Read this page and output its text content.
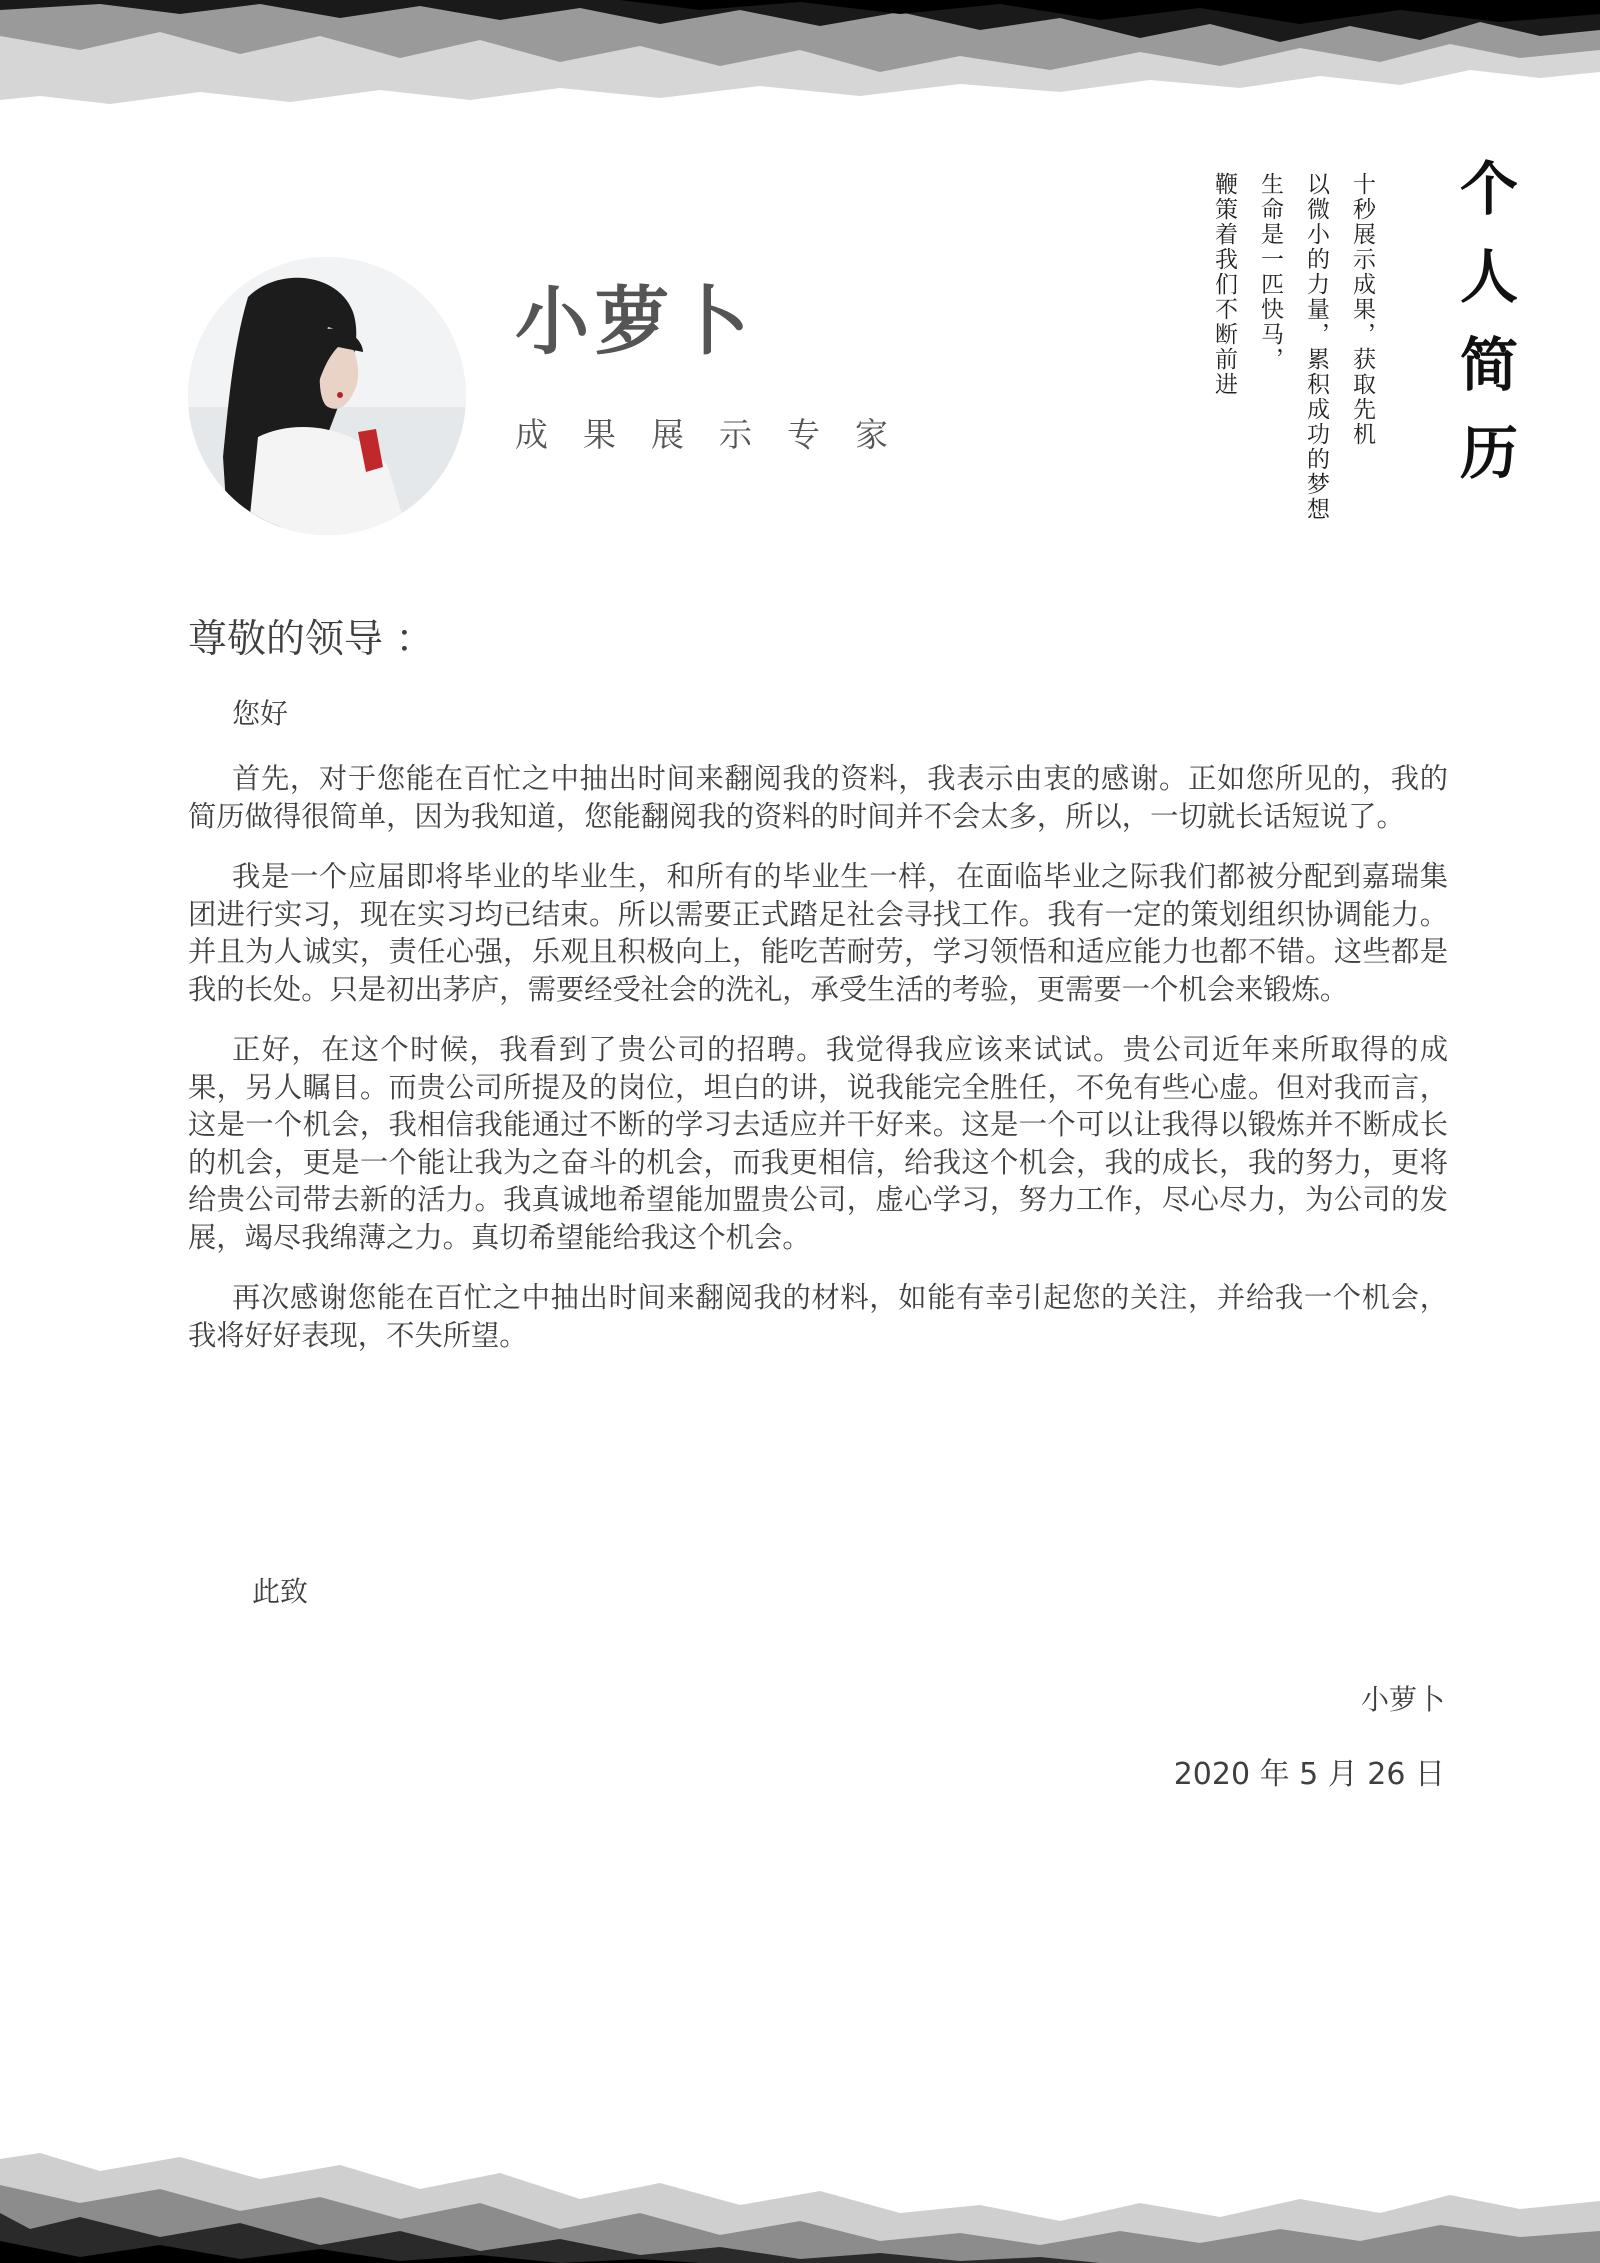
小萝卜
成果展示专家	个人简历
十秒展示成果，获取先机
以微小的力量，累积成功的梦想
生命是一匹快马，
鞭策着我们不断前进
尊敬的领导 ：
您好

首先，对于您能在百忙之中抽出时间来翻阅我的资料，我表示由衷的感谢。正如您所见的，我的简历做得很简单，因为我知道，您能翻阅我的资料的时间并不会太多，所以，一切就长话短说了。

我是一个应届即将毕业的毕业生，和所有的毕业生一样，在面临毕业之际我们都被分配到嘉瑞集团进行实习，现在实习均已结束。所以需要正式踏足社会寻找工作。我有一定的策划组织协调能力。并且为人诚实，责任心强，乐观且积极向上，能吃苦耐劳，学习领悟和适应能力也都不错。这些都是我的长处。只是初出茅庐，需要经受社会的洗礼，承受生活的考验，更需要一个机会来锻炼。

正好，在这个时候，我看到了贵公司的招聘。我觉得我应该来试试。贵公司近年来所取得的成果，另人瞩目。而贵公司所提及的岗位，坦白的讲，说我能完全胜任，不免有些心虚。但对我而言，这是一个机会，我相信我能通过不断的学习去适应并干好来。这是一个可以让我得以锻炼并不断成长的机会，更是一个能让我为之奋斗的机会，而我更相信，给我这个机会，我的成长，我的努力，更将给贵公司带去新的活力。我真诚地希望能加盟贵公司，虚心学习，努力工作，尽心尽力，为公司的发展，竭尽我绵薄之力。真切希望能给我这个机会。

再次感谢您能在百忙之中抽出时间来翻阅我的材料，如能有幸引起您的关注，并给我一个机会，我将好好表现，不失所望。

此致
小萝卜
2020 年 5 月 26 日
